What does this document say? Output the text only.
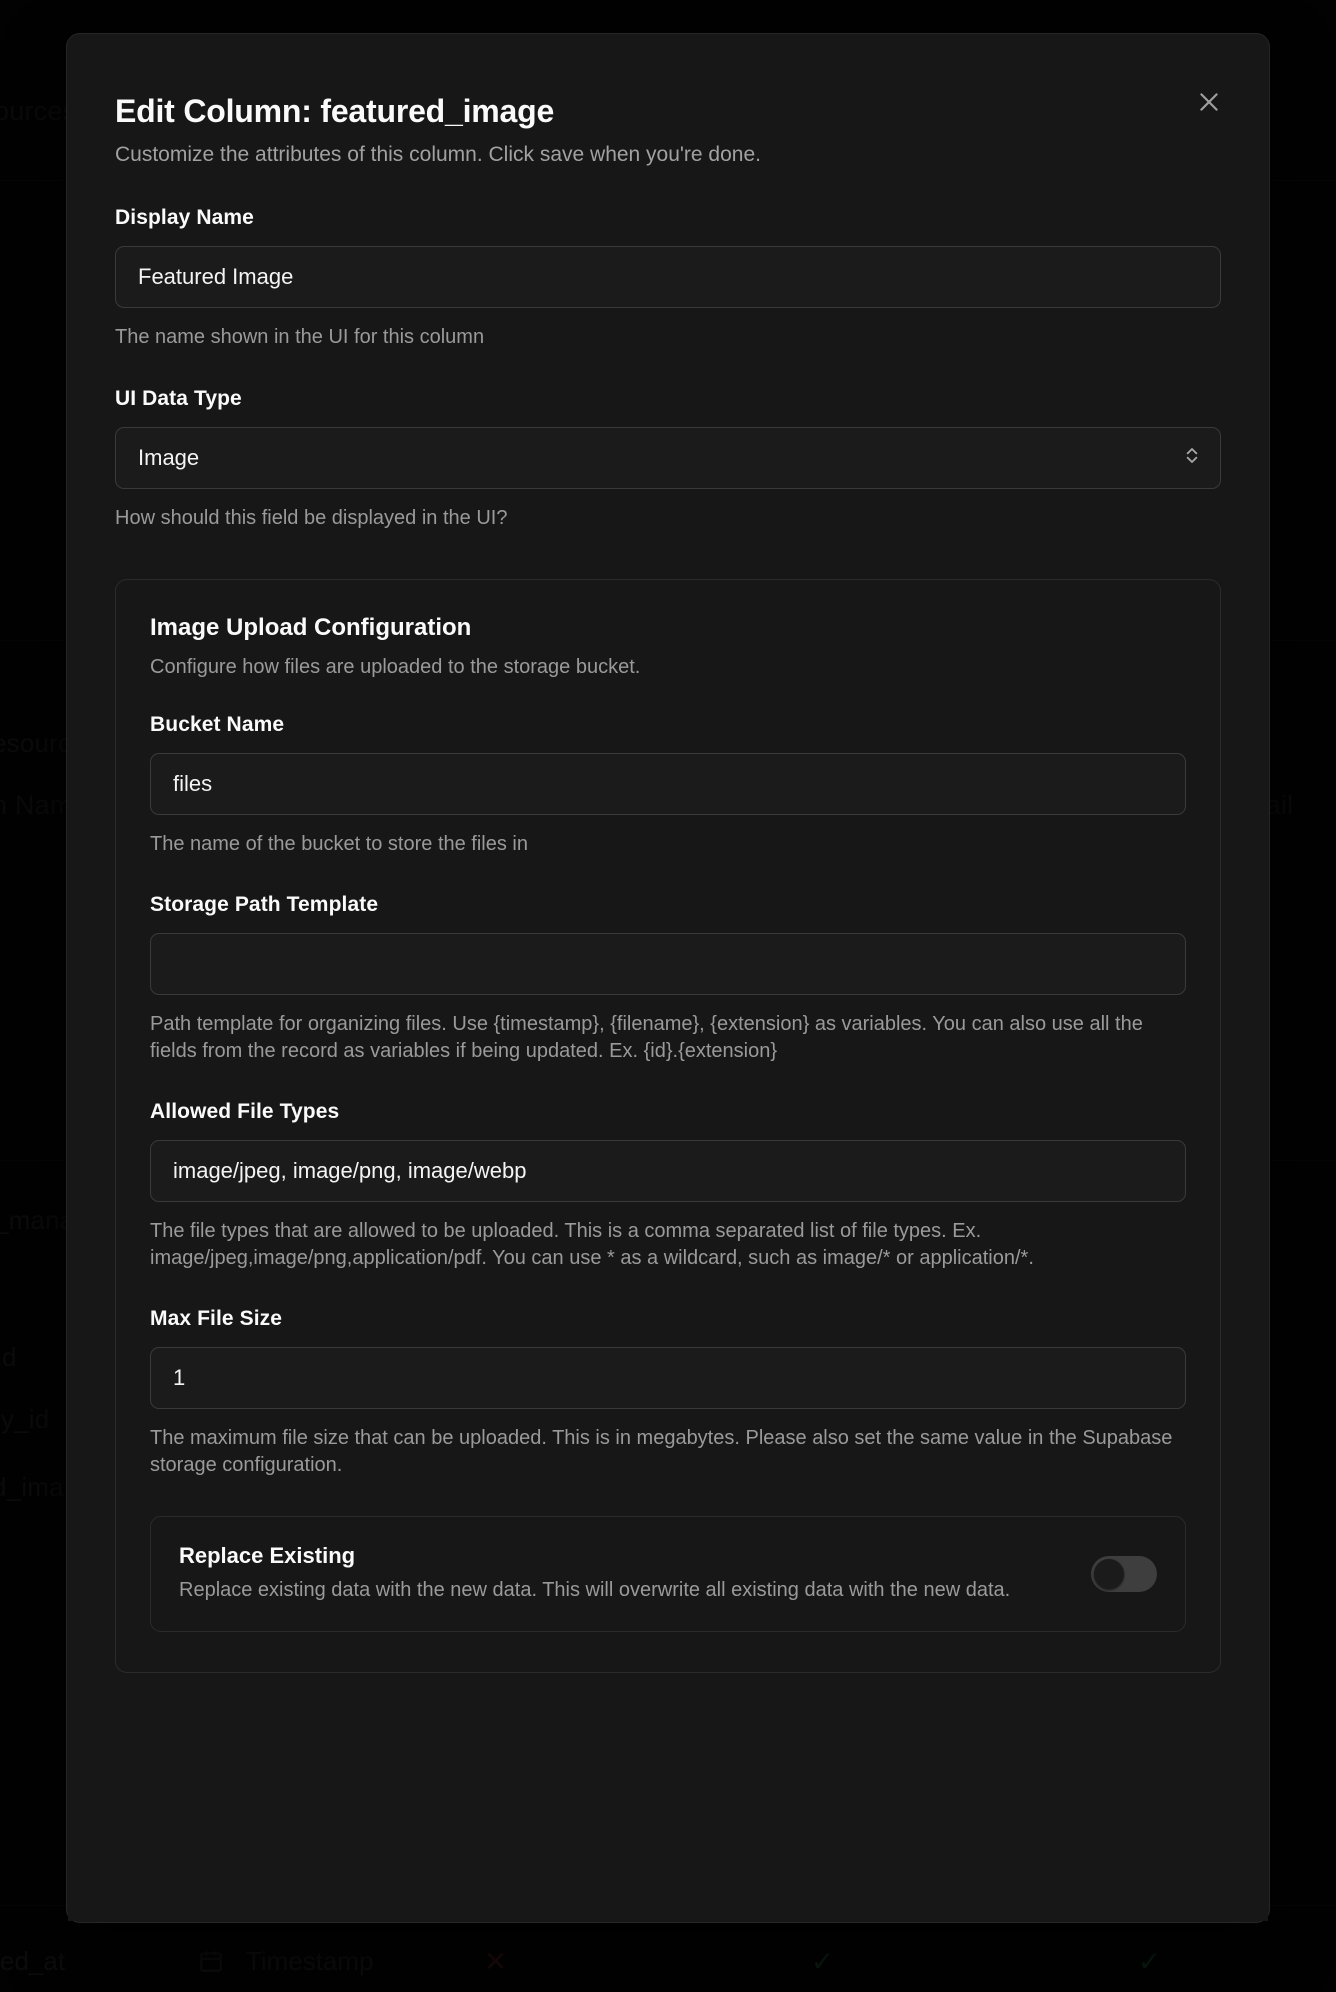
Edit Column: featured_image
Customize the attributes of this column. Click save when you're done.
Display Name
Featured Image
The name shown in the UI for this column
UI Data Type
Image
How should this field be displayed in the UI?
Image Upload Configuration
Configure how files are uploaded to the storage bucket.
Bucket Name
files
The name of the bucket to store the files in
Storage Path Template
Path template for organizing files. Use {timestamp}, {filename}, {extension} as variables. You can also use all the fields from the record as variables if being updated. Ex. {id}.{extension}
Allowed File Types
image/jpeg, image/png, image/webp
The file types that are allowed to be uploaded. This is a comma separated list of file types. Ex. image/jpeg,image/png,application/pdf. You can use * as a wildcard, such as image/* or application/*.
Max File Size
1
The maximum file size that can be uploaded. This is in megabytes. Please also set the same value in the Supabase storage configuration.
Replace Existing
Replace existing data with the new data. This will overwrite all existing data with the new data.
